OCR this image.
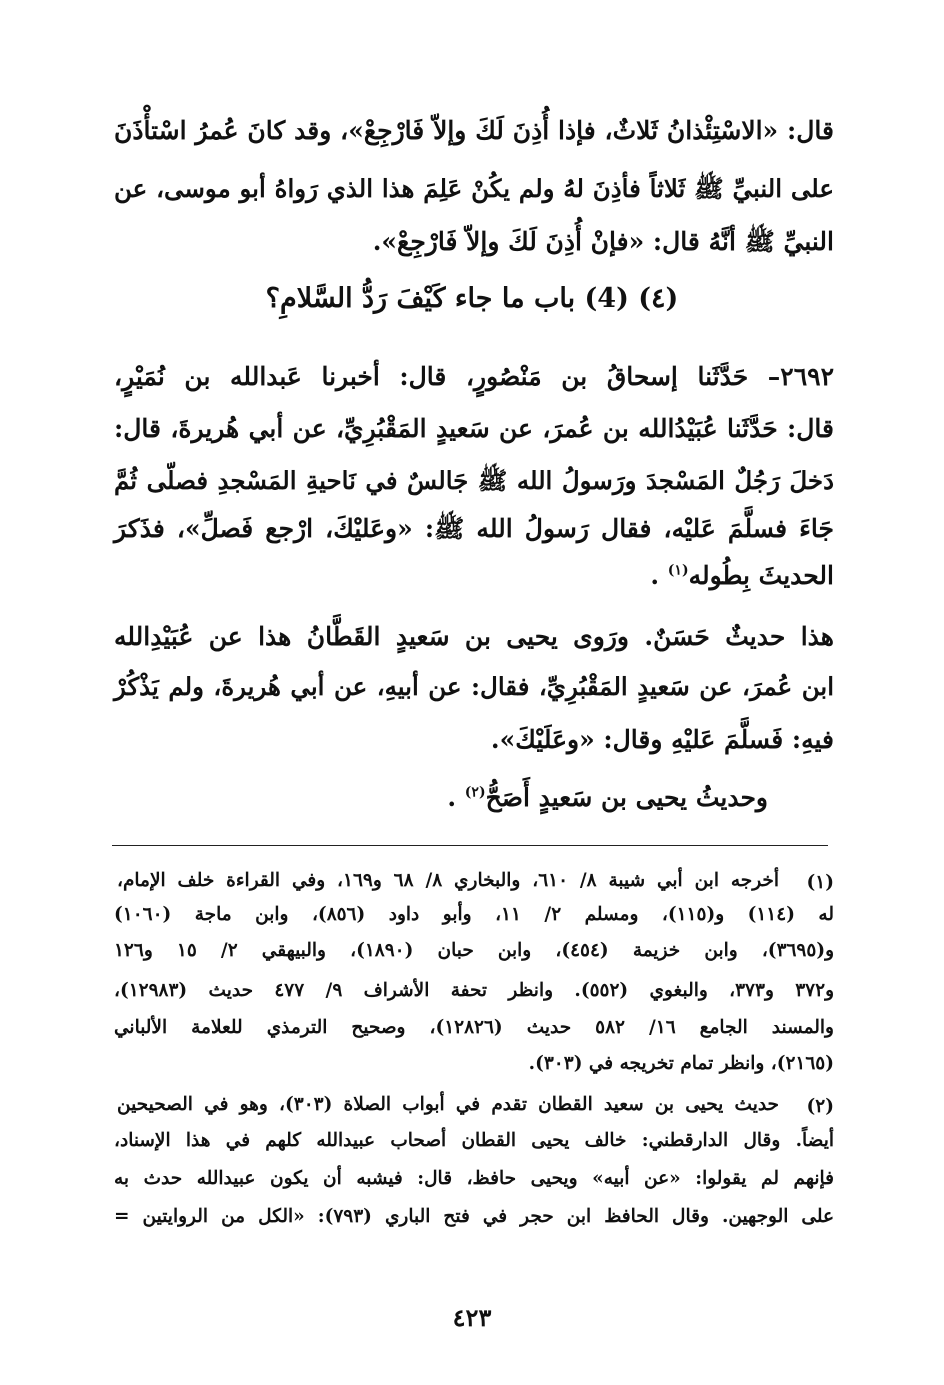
قال: «الاسْتِئْذانُ ثَلاثٌ، فإذا أُذِنَ لَكَ وإلاّ فَارْجِعْ»، وقد كانَ عُمرُ اسْتأْذَنَ
على النبيِّ ﷺ ثَلاثاً فأذِنَ لهُ ولم يكُنْ عَلِمَ هذا الذي رَواهُ أبو موسى، عن
النبيِّ ﷺ أنَّهُ قال: «فإنْ أُذِنَ لَكَ وإلاّ فَارْجِعْ».
(٤) (4) باب ما جاء كَيْفَ رَدُّ السَّلامِ؟
٢٦٩٢– حَدَّثَنا إسحاقُ بن مَنْصُورٍ، قال: أخبرنا عَبدالله بن نُمَيْرٍ،
قال: حَدَّثَنا عُبَيْدُالله بن عُمرَ، عن سَعيدٍ المَقْبُرِيِّ، عن أبي هُريرةَ، قال:
دَخلَ رَجُلٌ المَسْجدَ ورَسولُ الله ﷺ جَالسٌ في نَاحيةِ المَسْجدِ فصلّى ثُمَّ
جَاءَ فسلَّمَ عَليْه، فقال رَسولُ الله ﷺ: «وعَليْكَ، ارْجع فَصلِّ»، فذَكرَ
الحديثَ بِطُوله$^{(١)}$ .
هذا حديثٌ حَسَنٌ. ورَوى يحيى بن سَعيدٍ القَطَّانُ هذا عن عُبَيْدِالله
ابن عُمرَ، عن سَعيدٍ المَقْبُرِيِّ، فقال: عن أبيهِ، عن أبي هُريرةَ، ولم يَذْكُرْ
فيهِ: فَسلَّمَ عَليْهِ وقال: «وعَلَيْكَ».
وحديثُ يحيى بن سَعيدٍ أَصَحُّ$^{(٢)}$ .
(١)
أخرجه ابن أبي شيبة ٨/ ٦١٠، والبخاري ٨/ ٦٨ و١٦٩، وفي القراءة خلف الإمام،
له (١١٤) و(١١٥)، ومسلم ٢/ ١١، وأبو داود (٨٥٦)، وابن ماجة (١٠٦٠)
و(٣٦٩٥)، وابن خزيمة (٤٥٤)، وابن حبان (١٨٩٠)، والبيهقي ٢/ ١٥ و١٢٦
و٣٧٢ و٣٧٣، والبغوي (٥٥٢). وانظر تحفة الأشراف ٩/ ٤٧٧ حديث (١٢٩٨٣)،
والمسند الجامع ١٦/ ٥٨٢ حديث (١٢٨٢٦)، وصحيح الترمذي للعلامة الألباني
(٢١٦٥)، وانظر تمام تخريجه في (٣٠٣).
(٢)
حديث يحيى بن سعيد القطان تقدم في أبواب الصلاة (٣٠٣)، وهو في الصحيحين
أيضاً. وقال الدارقطني: خالف يحيى القطان أصحاب عبيدالله كلهم في هذا الإسناد،
فإنهم لم يقولوا: «عن أبيه» ويحيى حافظ، قال: فيشبه أن يكون عبيدالله حدث به
على الوجهين. وقال الحافظ ابن حجر في فتح الباري (٧٩٣): «الكل من الروايتين =
٤٢٣
